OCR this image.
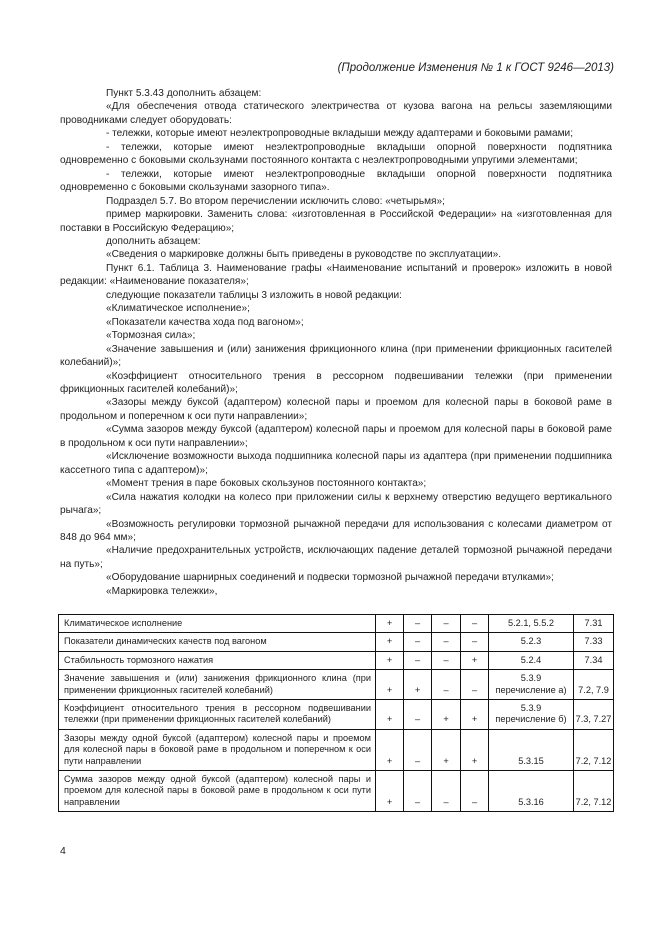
(Продолжение Изменения № 1 к ГОСТ 9246—2013)

Пункт 5.3.43 дополнить абзацем:

«Для обеспечения отвода статического электричества от кузова вагона на рельсы заземляющими проводниками следует оборудовать:

- тележки, которые имеют неэлектропроводные вкладыши между адаптерами и боковыми рамами;

- тележки, которые имеют неэлектропроводные вкладыши опорной поверхности подпятника одновременно с боковыми скользунами постоянного контакта с неэлектропроводными упругими элементами;

- тележки, которые имеют неэлектропроводные вкладыши опорной поверхности подпятника одновременно с боковыми скользунами зазорного типа».

Подраздел 5.7. Во втором перечислении исключить слово: «четырьмя»;

пример маркировки. Заменить слова: «изготовленная в Российской Федерации» на «изготовленная для поставки в Российскую Федерацию»;

дополнить абзацем:

«Сведения о маркировке должны быть приведены в руководстве по эксплуатации».

Пункт 6.1. Таблица 3. Наименование графы «Наименование испытаний и проверок» изложить в новой редакции: «Наименование показателя»;

следующие показатели таблицы 3 изложить в новой редакции:

«Климатическое исполнение»;

«Показатели качества хода под вагоном»;

«Тормозная сила»;

«Значение завышения и (или) занижения фрикционного клина (при применении фрикционных гасителей колебаний)»;

«Коэффициент относительного трения в рессорном подвешивании тележки (при применении фрикционных гасителей колебаний)»;

«Зазоры между буксой (адаптером) колесной пары и проемом для колесной пары в боковой раме в продольном и поперечном к оси пути направлении»;

«Сумма зазоров между буксой (адаптером) колесной пары и проемом для колесной пары в боковой раме в продольном к оси пути направлении»;

«Исключение возможности выхода подшипника колесной пары из адаптера (при применении подшипника кассетного типа с адаптером)»;

«Момент трения в паре боковых скользунов постоянного контакта»;

«Сила нажатия колодки на колесо при приложении силы к верхнему отверстию ведущего вертикального рычага»;

«Возможность регулировки тормозной рычажной передачи для использования с колесами диаметром от 848 до 964 мм»;

«Наличие предохранительных устройств, исключающих падение деталей тормозной рычажной передачи на путь»;

«Оборудование шарнирных соединений и подвески тормозной рычажной передачи втулками»;

«Маркировка тележки»,

Климатическое исполнение	+	–	–	–	5.2.1, 5.5.2	7.31
Показатели динамических качеств под вагоном	+	–	–	–	5.2.3	7.33
Стабильность тормозного нажатия	+	–	–	+	5.2.4	7.34
Значение завышения и (или) занижения фрикционного клина (при применении фрикционных гасителей колебаний)	+	+	–	–	5.3.9 перечисление а)	7.2, 7.9
Коэффициент относительного трения в рессорном подвешивании тележки (при применении фрикционных гасителей колебаний)	+	–	+	+	5.3.9 перечисление б)	7.3, 7.27
Зазоры между одной буксой (адаптером) колесной пары и проемом для колесной пары в боковой раме в продольном и поперечном к оси пути направлении	+	–	+	+	5.3.15	7.2, 7.12
Сумма зазоров между одной буксой (адаптером) колесной пары и проемом для колесной пары в боковой раме в продольном к оси пути направлении	+	–	–	–	5.3.16	7.2, 7.12
4
